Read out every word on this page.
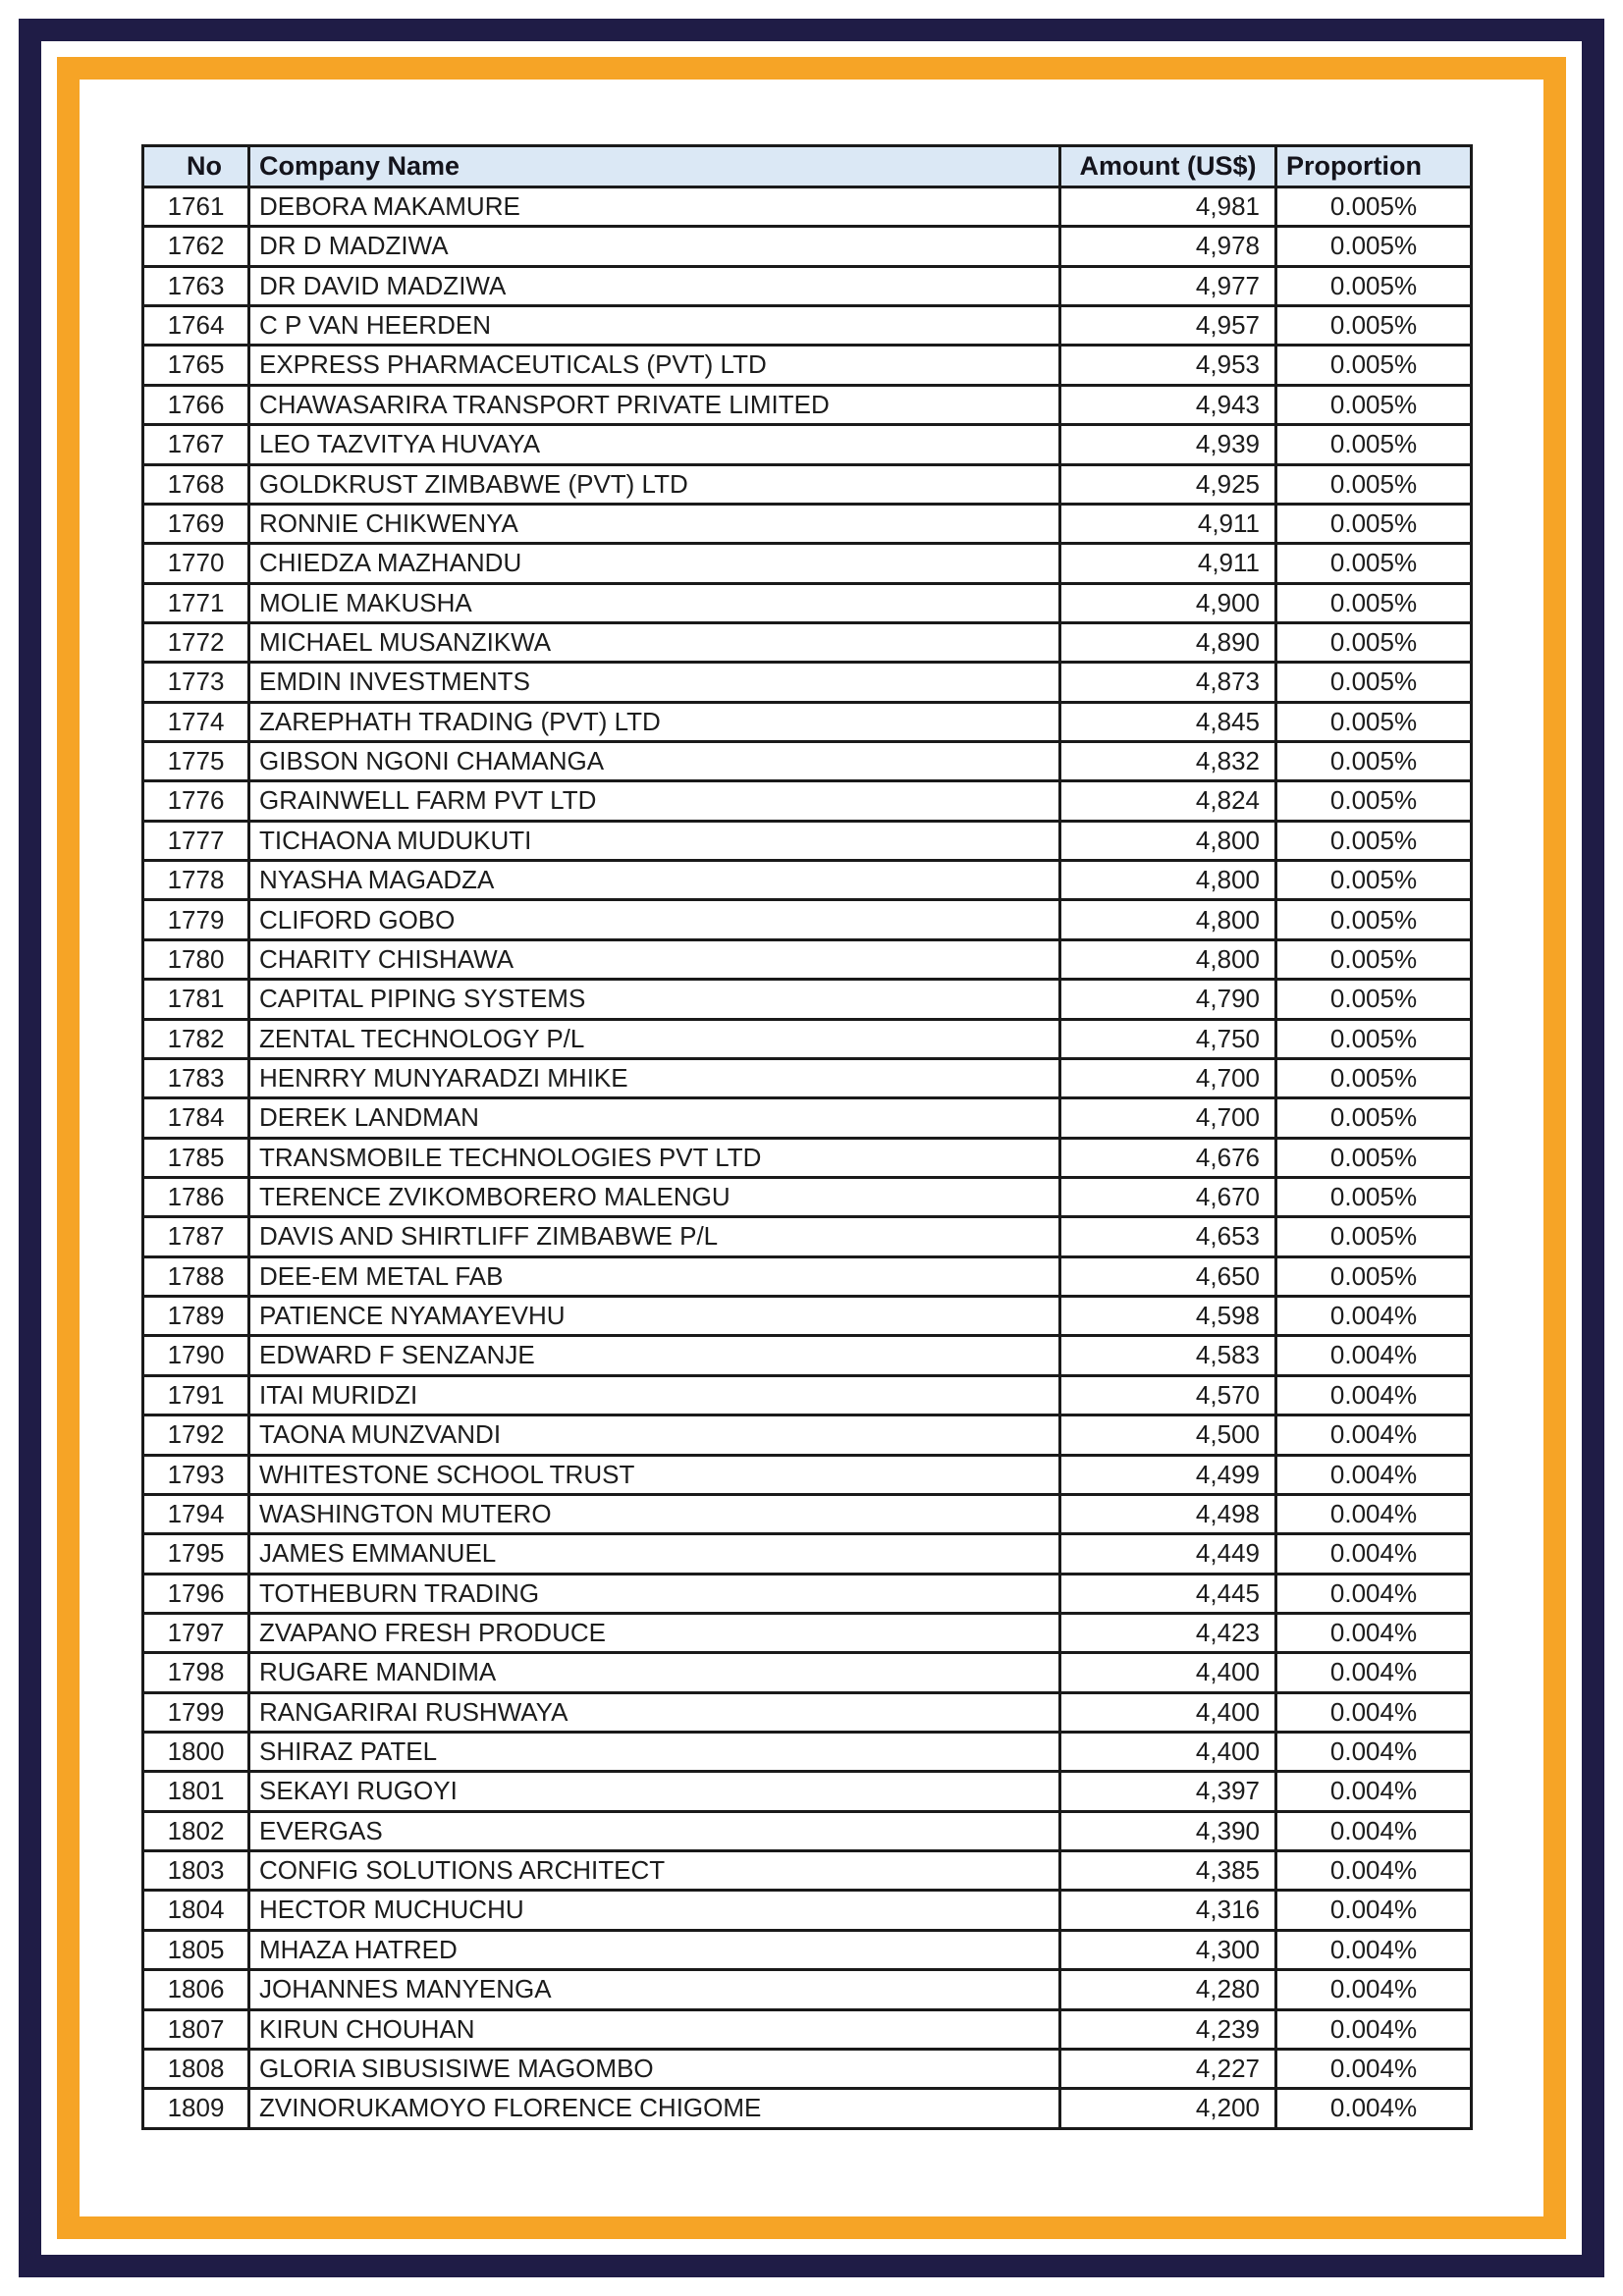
No	Company Name	Amount (US$)	Proportion
1761	DEBORA MAKAMURE	4,981	0.005%
1762	DR D MADZIWA	4,978	0.005%
1763	DR DAVID MADZIWA	4,977	0.005%
1764	C P VAN HEERDEN	4,957	0.005%
1765	EXPRESS PHARMACEUTICALS (PVT) LTD	4,953	0.005%
1766	CHAWASARIRA TRANSPORT PRIVATE LIMITED	4,943	0.005%
1767	LEO TAZVITYA HUVAYA	4,939	0.005%
1768	GOLDKRUST ZIMBABWE (PVT) LTD	4,925	0.005%
1769	RONNIE CHIKWENYA	4,911	0.005%
1770	CHIEDZA MAZHANDU	4,911	0.005%
1771	MOLIE MAKUSHA	4,900	0.005%
1772	MICHAEL MUSANZIKWA	4,890	0.005%
1773	EMDIN INVESTMENTS	4,873	0.005%
1774	ZAREPHATH TRADING (PVT) LTD	4,845	0.005%
1775	GIBSON NGONI CHAMANGA	4,832	0.005%
1776	GRAINWELL FARM PVT LTD	4,824	0.005%
1777	TICHAONA MUDUKUTI	4,800	0.005%
1778	NYASHA MAGADZA	4,800	0.005%
1779	CLIFORD GOBO	4,800	0.005%
1780	CHARITY CHISHAWA	4,800	0.005%
1781	CAPITAL PIPING SYSTEMS	4,790	0.005%
1782	ZENTAL TECHNOLOGY P/L	4,750	0.005%
1783	HENRRY MUNYARADZI MHIKE	4,700	0.005%
1784	DEREK LANDMAN	4,700	0.005%
1785	TRANSMOBILE TECHNOLOGIES PVT LTD	4,676	0.005%
1786	TERENCE ZVIKOMBORERO MALENGU	4,670	0.005%
1787	DAVIS AND SHIRTLIFF ZIMBABWE P/L	4,653	0.005%
1788	DEE-EM METAL FAB	4,650	0.005%
1789	PATIENCE NYAMAYEVHU	4,598	0.004%
1790	EDWARD F SENZANJE	4,583	0.004%
1791	ITAI MURIDZI	4,570	0.004%
1792	TAONA MUNZVANDI	4,500	0.004%
1793	WHITESTONE SCHOOL TRUST	4,499	0.004%
1794	WASHINGTON MUTERO	4,498	0.004%
1795	JAMES EMMANUEL	4,449	0.004%
1796	TOTHEBURN TRADING	4,445	0.004%
1797	ZVAPANO FRESH PRODUCE	4,423	0.004%
1798	RUGARE MANDIMA	4,400	0.004%
1799	RANGARIRAI RUSHWAYA	4,400	0.004%
1800	SHIRAZ PATEL	4,400	0.004%
1801	SEKAYI RUGOYI	4,397	0.004%
1802	EVERGAS	4,390	0.004%
1803	CONFIG SOLUTIONS ARCHITECT	4,385	0.004%
1804	HECTOR MUCHUCHU	4,316	0.004%
1805	MHAZA HATRED	4,300	0.004%
1806	JOHANNES MANYENGA	4,280	0.004%
1807	KIRUN CHOUHAN	4,239	0.004%
1808	GLORIA SIBUSISIWE MAGOMBO	4,227	0.004%
1809	ZVINORUKAMOYO FLORENCE CHIGOME	4,200	0.004%
